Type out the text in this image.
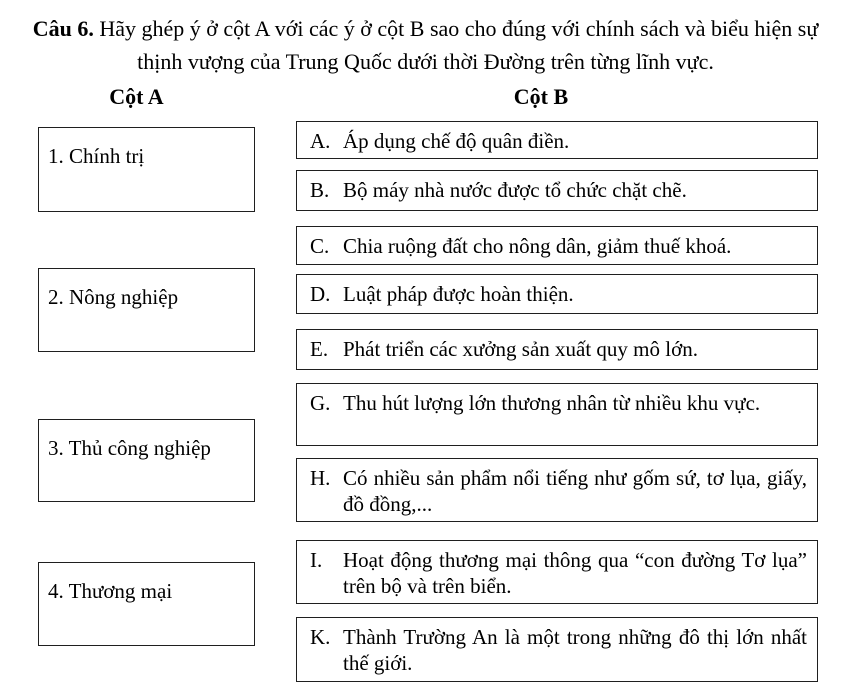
Câu 6. Hãy ghép ý ở cột A với các ý ở cột B sao cho đúng với chính sách và biểu hiện sự thịnh vượng của Trung Quốc dưới thời Đường trên từng lĩnh vực.
Cột A	Cột B
1. Chính trị
2. Nông nghiệp
3. Thủ công nghiệp
4. Thương mại
A. Áp dụng chế độ quân điền.
B. Bộ máy nhà nước được tổ chức chặt chẽ.
C. Chia ruộng đất cho nông dân, giảm thuế khoá.
D. Luật pháp được hoàn thiện.
E. Phát triển các xưởng sản xuất quy mô lớn.
G. Thu hút lượng lớn thương nhân từ nhiều khu vực.
H. Có nhiều sản phẩm nổi tiếng như gốm sứ, tơ lụa, giấy, đồ đồng,...
I. Hoạt động thương mại thông qua “con đường Tơ lụa” trên bộ và trên biển.
K. Thành Trường An là một trong những đô thị lớn nhất thế giới.
